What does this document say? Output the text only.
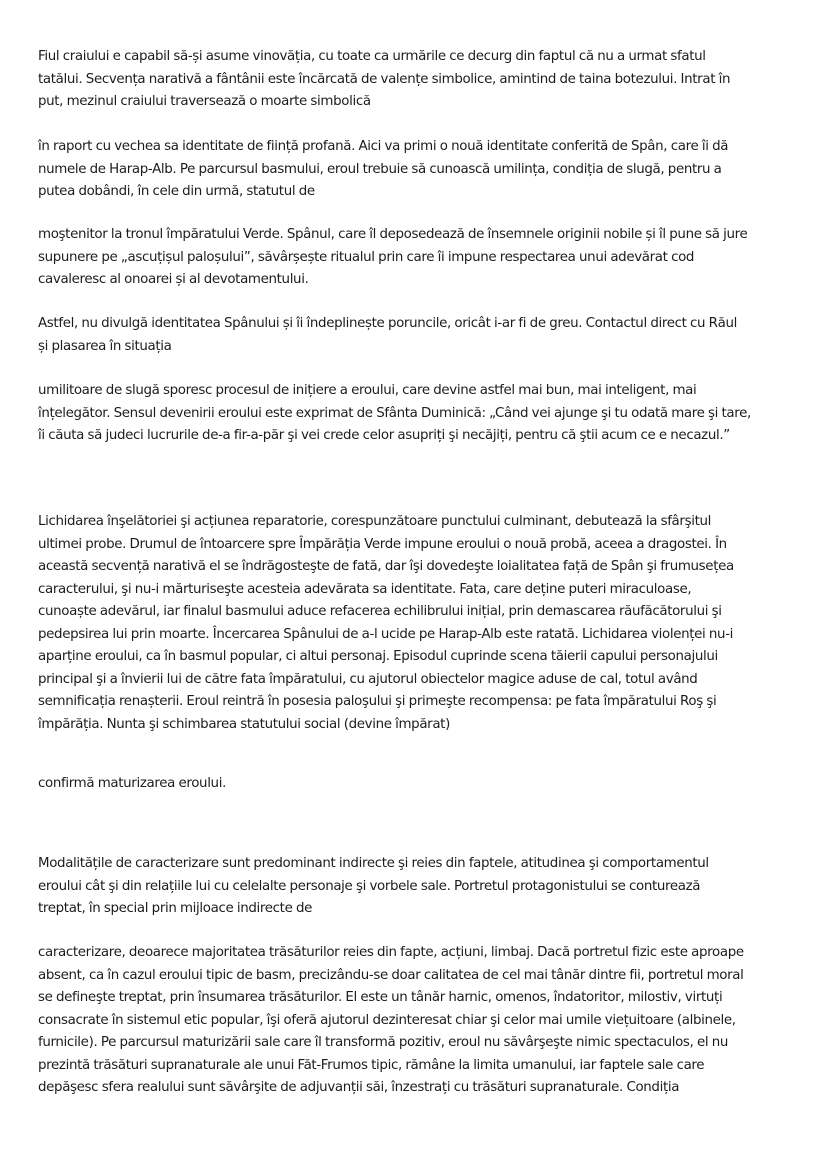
Fiul craiului e capabil să-și asume vinovăția, cu toate ca urmările ce decurg din faptul că nu a urmat sfatul
tatălui. Secvența narativă a fântânii este încărcată de valențe simbolice, amintind de taina botezului. Intrat în
put, mezinul craiului traversează o moarte simbolică

în raport cu vechea sa identitate de ființă profană. Aici va primi o nouă identitate conferită de Spân, care îi dă
numele de Harap-Alb. Pe parcursul basmului, eroul trebuie să cunoască umilința, condiția de slugă, pentru a
putea dobândi, în cele din urmă, statutul de

moştenitor la tronul împăratului Verde. Spânul, care îl deposedează de însemnele originii nobile și îl pune să jure
supunere pe „ascuțișul paloșului”, săvârșește ritualul prin care îi impune respectarea unui adevărat cod
cavaleresc al onoarei și al devotamentului.

Astfel, nu divulgă identitatea Spânului și îi îndeplinește poruncile, oricât i-ar fi de greu. Contactul direct cu Răul
și plasarea în situația

umilitoare de slugă sporesc procesul de inițiere a eroului, care devine astfel mai bun, mai inteligent, mai
înțelegător. Sensul devenirii eroului este exprimat de Sfânta Duminică: „Când vei ajunge şi tu odată mare şi tare,
îi căuta să judeci lucrurile de-a fir-a-păr şi vei crede celor asupriți şi necăjiți, pentru că ştii acum ce e necazul.”

Lichidarea înşelătoriei şi acțiunea reparatorie, corespunzătoare punctului culminant, debutează la sfârşitul
ultimei probe. Drumul de întoarcere spre Împărăția Verde impune eroului o nouă probă, aceea a dragostei. În
această secvență narativă el se îndrăgosteşte de fată, dar îşi dovedeşte loialitatea față de Spân şi frumusețea
caracterului, şi nu-i mărturiseşte acesteia adevărata sa identitate. Fata, care deține puteri miraculoase,
cunoaște adevărul, iar finalul basmului aduce refacerea echilibrului inițial, prin demascarea răufăcătorului şi
pedepsirea lui prin moarte. Încercarea Spânului de a-l ucide pe Harap-Alb este ratată. Lichidarea violenței nu-i
aparține eroului, ca în basmul popular, ci altui personaj. Episodul cuprinde scena tăierii capului personajului
principal şi a învierii lui de către fata împăratului, cu ajutorul obiectelor magice aduse de cal, totul având
semnificația renașterii. Eroul reintră în posesia paloşului şi primeşte recompensa: pe fata împăratului Roş şi
împărăția. Nunta şi schimbarea statutului social (devine împărat)

confirmă maturizarea eroului.

Modalitățile de caracterizare sunt predominant indirecte şi reies din faptele, atitudinea şi comportamentul
eroului cât şi din relațiile lui cu celelalte personaje şi vorbele sale. Portretul protagonistului se conturează
treptat, în special prin mijloace indirecte de

caracterizare, deoarece majoritatea trăsăturilor reies din fapte, acțiuni, limbaj. Dacă portretul fizic este aproape
absent, ca în cazul eroului tipic de basm, precizându-se doar calitatea de cel mai tânăr dintre fii, portretul moral
se defineşte treptat, prin însumarea trăsăturilor. El este un tânăr harnic, omenos, îndatoritor, milostiv, virtuți
consacrate în sistemul etic popular, îşi oferă ajutorul dezinteresat chiar şi celor mai umile viețuitoare (albinele,
furnicile). Pe parcursul maturizării sale care îl transformă pozitiv, eroul nu săvârşeşte nimic spectaculos, el nu
prezintă trăsături supranaturale ale unui Făt-Frumos tipic, rămâne la limita umanului, iar faptele sale care
depăşesc sfera realului sunt săvârşite de adjuvanții săi, înzestrați cu trăsături supranaturale. Condiția
